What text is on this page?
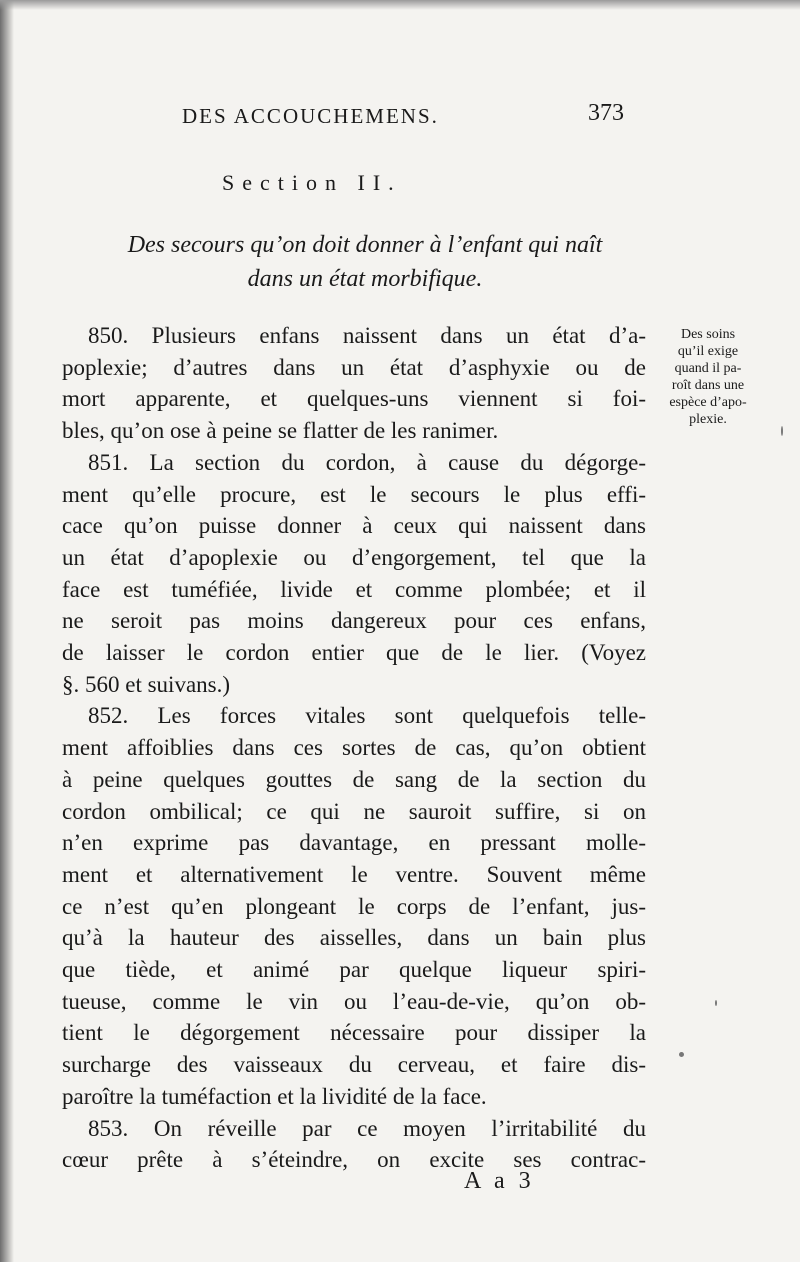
DES ACCOUCHEMENS.	373
Section II.
Des secours qu’on doit donner à l’enfant qui naît
dans un état morbifique.
Des soins
qu’il exige
quand il pa-
roît dans une
espèce d’apo-
plexie.
850. Plusieurs enfans naissent dans un état d’a-
poplexie; d’autres dans un état d’asphyxie ou de
mort apparente, et quelques-uns viennent si foi-
bles, qu’on ose à peine se flatter de les ranimer.
851. La section du cordon, à cause du dégorge-
ment qu’elle procure, est le secours le plus effi-
cace qu’on puisse donner à ceux qui naissent dans
un état d’apoplexie ou d’engorgement, tel que la
face est tuméfiée, livide et comme plombée; et il
ne seroit pas moins dangereux pour ces enfans,
de laisser le cordon entier que de le lier. (Voyez
§. 560 et suivans.)
852. Les forces vitales sont quelquefois telle-
ment affoiblies dans ces sortes de cas, qu’on obtient
à peine quelques gouttes de sang de la section du
cordon ombilical; ce qui ne sauroit suffire, si on
n’en exprime pas davantage, en pressant molle-
ment et alternativement le ventre. Souvent même
ce n’est qu’en plongeant le corps de l’enfant, jus-
qu’à la hauteur des aisselles, dans un bain plus
que tiède, et animé par quelque liqueur spiri-
tueuse, comme le vin ou l’eau-de-vie, qu’on ob-
tient le dégorgement nécessaire pour dissiper la
surcharge des vaisseaux du cerveau, et faire dis-
paroître la tuméfaction et la lividité de la face.
853. On réveille par ce moyen l’irritabilité du
cœur prête à s’éteindre, on excite ses contrac-
A a 3
